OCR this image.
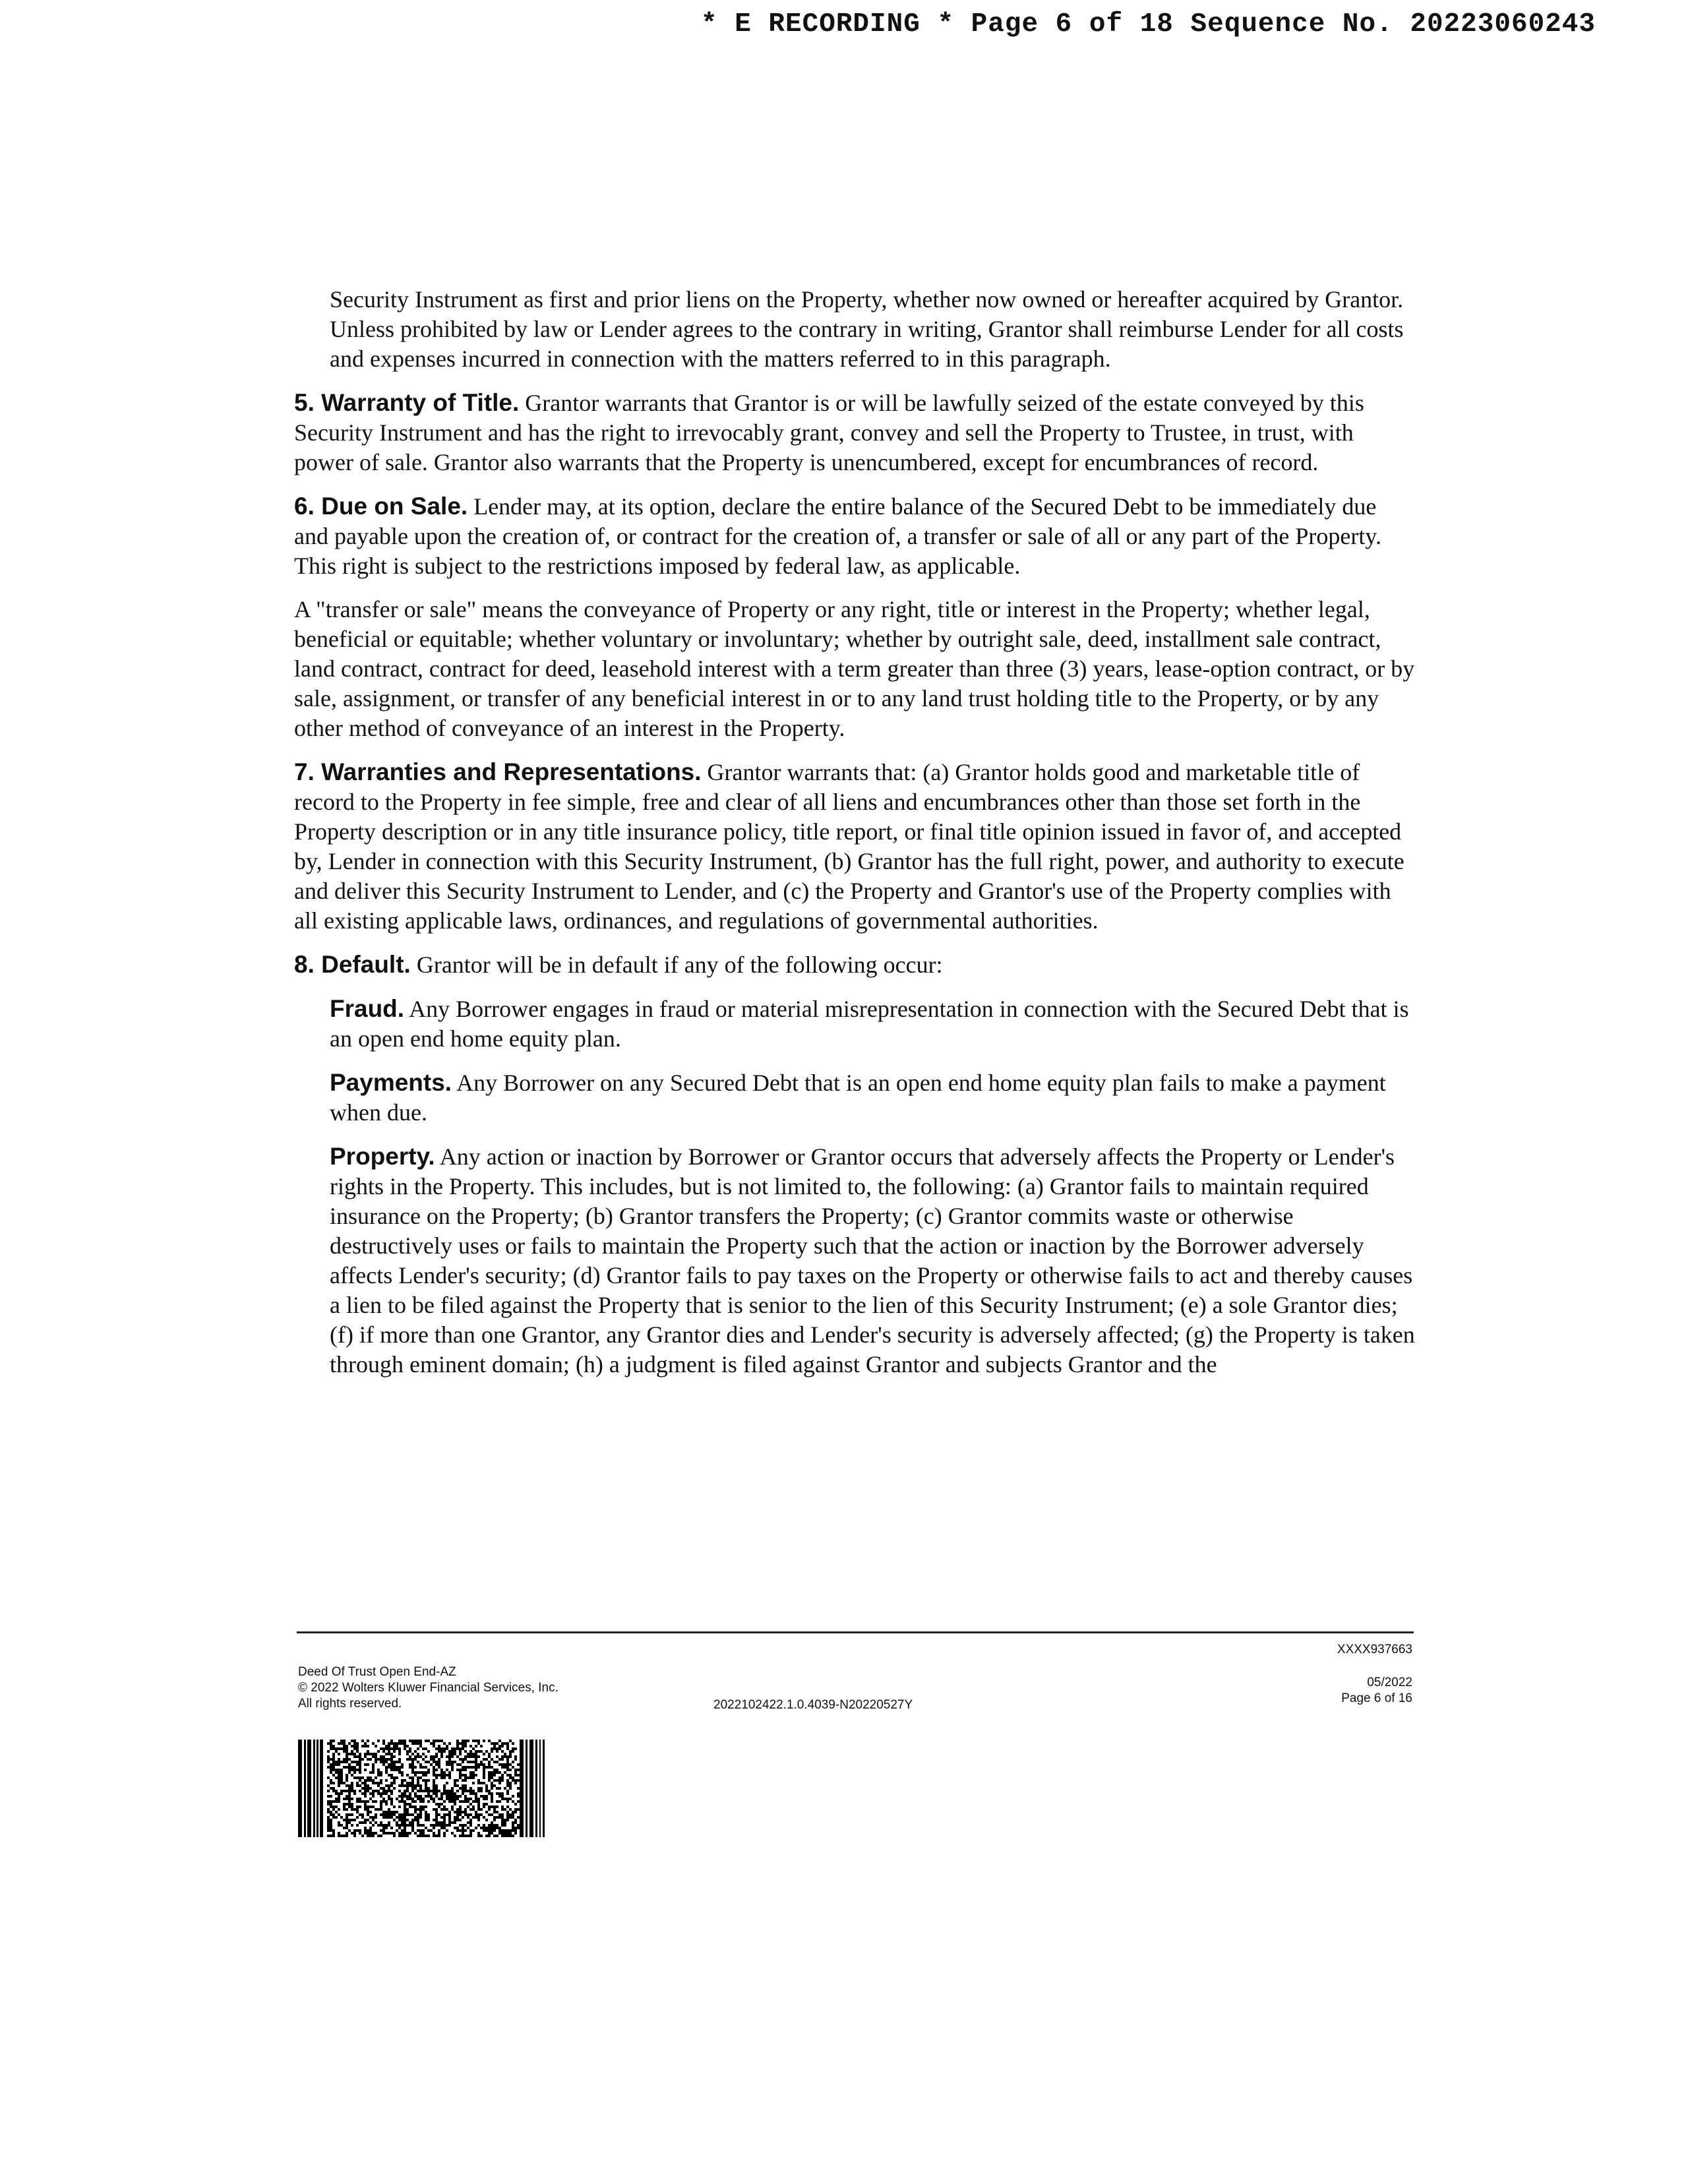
* E RECORDING * Page 6 of 18 Sequence No. 20223060243

Security Instrument as first and prior liens on the Property, whether now owned or hereafter acquired by Grantor. Unless prohibited by law or Lender agrees to the contrary in writing, Grantor shall reimburse Lender for all costs and expenses incurred in connection with the matters referred to in this paragraph.

5. Warranty of Title. Grantor warrants that Grantor is or will be lawfully seized of the estate conveyed by this Security Instrument and has the right to irrevocably grant, convey and sell the Property to Trustee, in trust, with power of sale. Grantor also warrants that the Property is unencumbered, except for encumbrances of record.

6. Due on Sale. Lender may, at its option, declare the entire balance of the Secured Debt to be immediately due and payable upon the creation of, or contract for the creation of, a transfer or sale of all or any part of the Property. This right is subject to the restrictions imposed by federal law, as applicable.

A "transfer or sale" means the conveyance of Property or any right, title or interest in the Property; whether legal, beneficial or equitable; whether voluntary or involuntary; whether by outright sale, deed, installment sale contract, land contract, contract for deed, leasehold interest with a term greater than three (3) years, lease-option contract, or by sale, assignment, or transfer of any beneficial interest in or to any land trust holding title to the Property, or by any other method of conveyance of an interest in the Property.

7. Warranties and Representations. Grantor warrants that: (a) Grantor holds good and marketable title of record to the Property in fee simple, free and clear of all liens and encumbrances other than those set forth in the Property description or in any title insurance policy, title report, or final title opinion issued in favor of, and accepted by, Lender in connection with this Security Instrument, (b) Grantor has the full right, power, and authority to execute and deliver this Security Instrument to Lender, and (c) the Property and Grantor's use of the Property complies with all existing applicable laws, ordinances, and regulations of governmental authorities.

8. Default. Grantor will be in default if any of the following occur:

Fraud. Any Borrower engages in fraud or material misrepresentation in connection with the Secured Debt that is an open end home equity plan.

Payments. Any Borrower on any Secured Debt that is an open end home equity plan fails to make a payment when due.

Property. Any action or inaction by Borrower or Grantor occurs that adversely affects the Property or Lender's rights in the Property. This includes, but is not limited to, the following: (a) Grantor fails to maintain required insurance on the Property; (b) Grantor transfers the Property; (c) Grantor commits waste or otherwise destructively uses or fails to maintain the Property such that the action or inaction by the Borrower adversely affects Lender's security; (d) Grantor fails to pay taxes on the Property or otherwise fails to act and thereby causes a lien to be filed against the Property that is senior to the lien of this Security Instrument; (e) a sole Grantor dies; (f) if more than one Grantor, any Grantor dies and Lender's security is adversely affected; (g) the Property is taken through eminent domain; (h) a judgment is filed against Grantor and subjects Grantor and the

Deed Of Trust Open End-AZ
© 2022 Wolters Kluwer Financial Services, Inc.
All rights reserved.	2022102422.1.0.4039-N20220527Y
XXXX937663
05/2022
Page 6 of 16
